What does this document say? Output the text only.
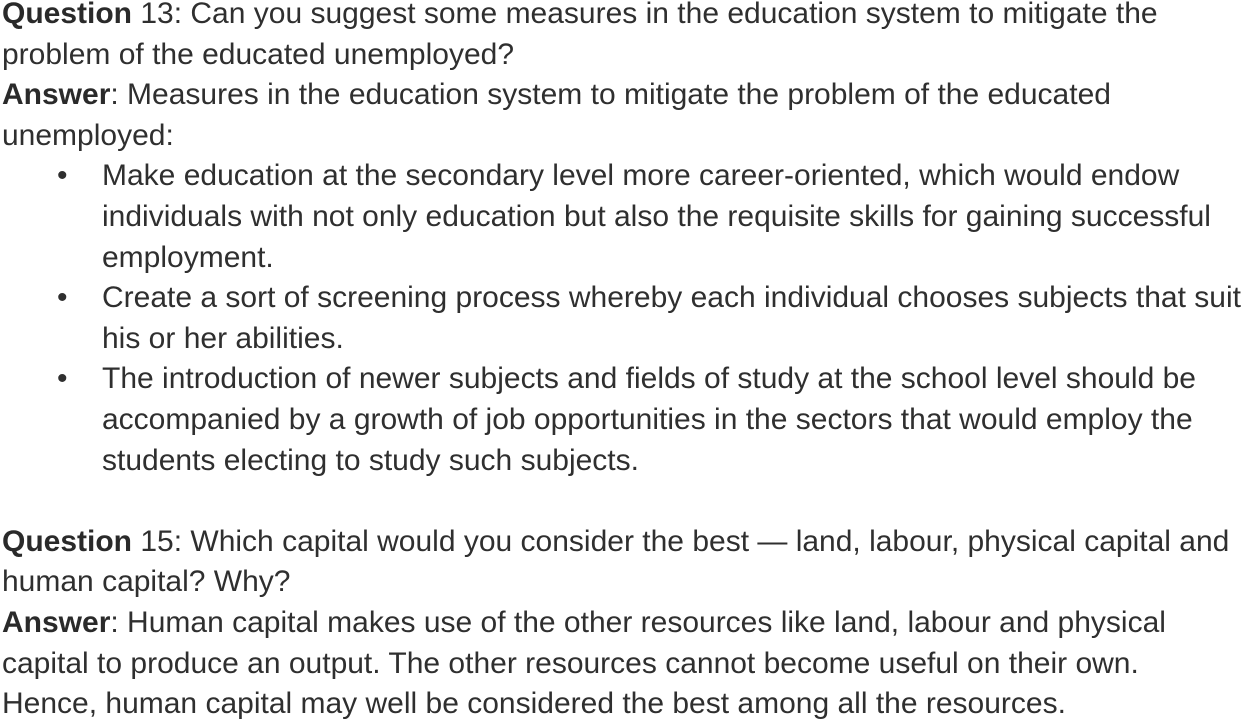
Question 13: Can you suggest some measures in the education system to mitigate the
problem of the educated unemployed?
Answer: Measures in the education system to mitigate the problem of the educated
unemployed:
• Make education at the secondary level more career-oriented, which would endow
individuals with not only education but also the requisite skills for gaining successful
employment.
• Create a sort of screening process whereby each individual chooses subjects that suit
his or her abilities.
• The introduction of newer subjects and fields of study at the school level should be
accompanied by a growth of job opportunities in the sectors that would employ the
students electing to study such subjects.
Question 15: Which capital would you consider the best — land, labour, physical capital and
human capital? Why?
Answer: Human capital makes use of the other resources like land, labour and physical
capital to produce an output. The other resources cannot become useful on their own.
Hence, human capital may well be considered the best among all the resources.
